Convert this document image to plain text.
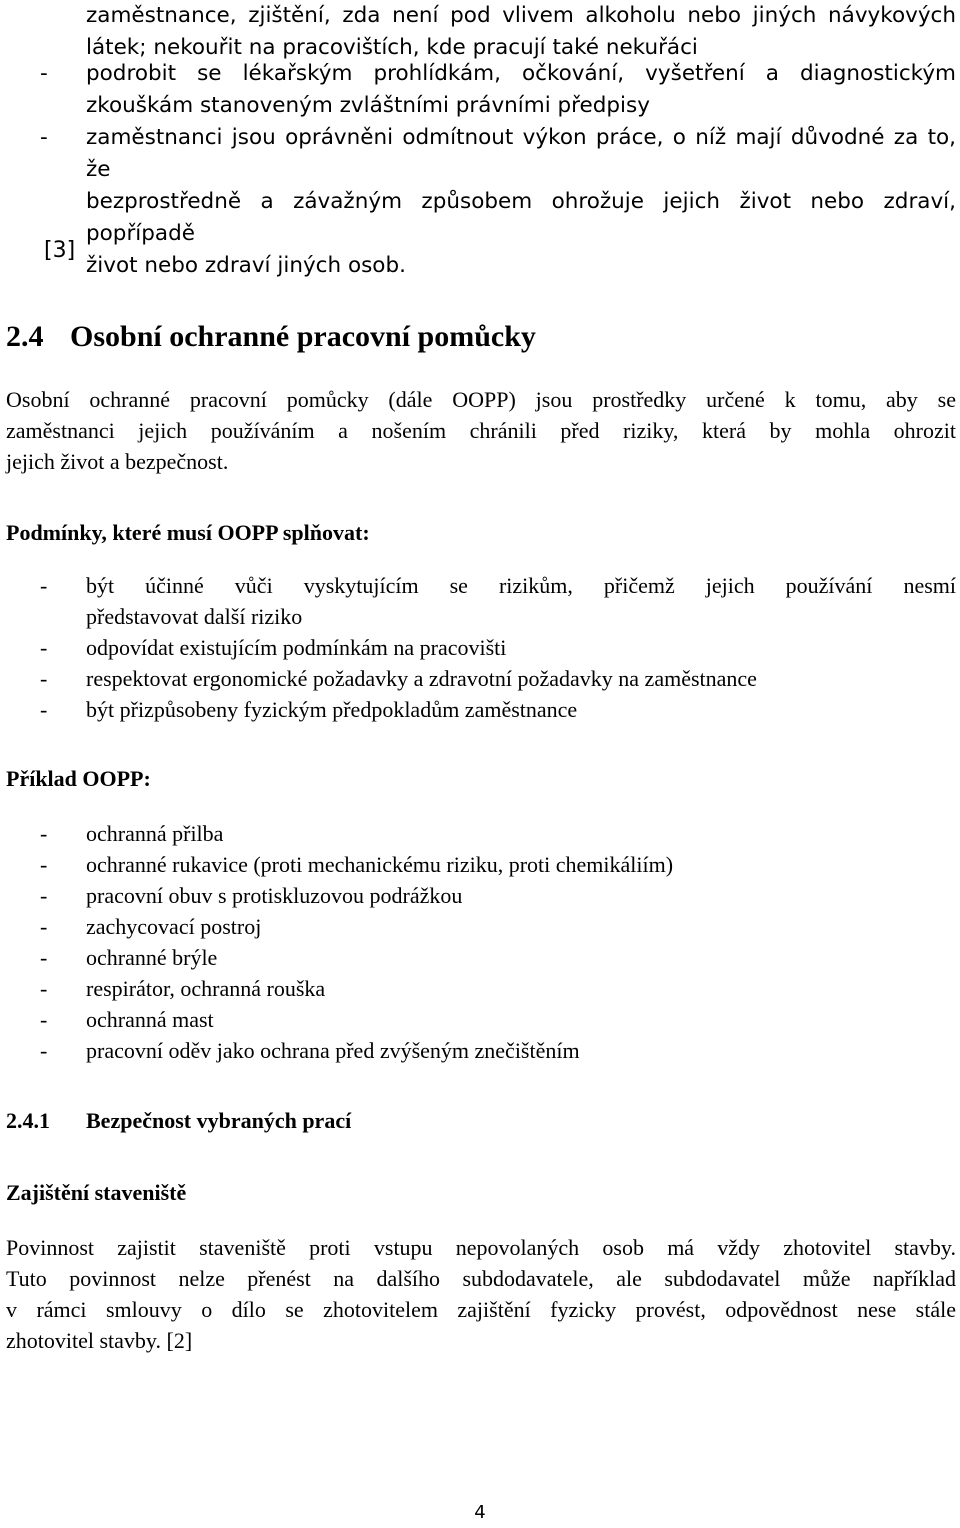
zaměstnance, zjištění, zda není pod vlivem alkoholu nebo jiných návykových
látek; nekouřit na pracovištích, kde pracují také nekuřáci
- podrobit se lékařským prohlídkám, očkování, vyšetření a diagnostickým
zkouškám stanoveným zvláštními právními předpisy
- zaměstnanci jsou oprávněni odmítnout výkon práce, o níž mají důvodné za to, že
bezprostředně a závažným způsobem ohrožuje jejich život nebo zdraví, popřípadě
život nebo zdraví jiných osob.
[3]
2.4 Osobní ochranné pracovní pomůcky

Osobní ochranné pracovní pomůcky (dále OOPP) jsou prostředky určené k tomu, aby se
zaměstnanci jejich používáním a nošením chránili před riziky, která by mohla ohrozit
jejich život a bezpečnost.

Podmínky, které musí OOPP splňovat:
- být účinné vůči vyskytujícím se rizikům, přičemž jejich používání nesmí
představovat další riziko
- odpovídat existujícím podmínkám na pracovišti
- respektovat ergonomické požadavky a zdravotní požadavky na zaměstnance
- být přizpůsobeny fyzickým předpokladům zaměstnance
Příklad OOPP:
- ochranná přilba
- ochranné rukavice (proti mechanickému riziku, proti chemikáliím)
- pracovní obuv s protiskluzovou podrážkou
- zachycovací postroj
- ochranné brýle
- respirátor, ochranná rouška
- ochranná mast
- pracovní oděv jako ochrana před zvýšeným znečištěním
2.4.1 Bezpečnost vybraných prací
Zajištění staveniště

Povinnost zajistit staveniště proti vstupu nepovolaných osob má vždy zhotovitel stavby.
Tuto povinnost nelze přenést na dalšího subdodavatele, ale subdodavatel může například
v rámci smlouvy o dílo se zhotovitelem zajištění fyzicky provést, odpovědnost nese stále
zhotovitel stavby. [2]

4
